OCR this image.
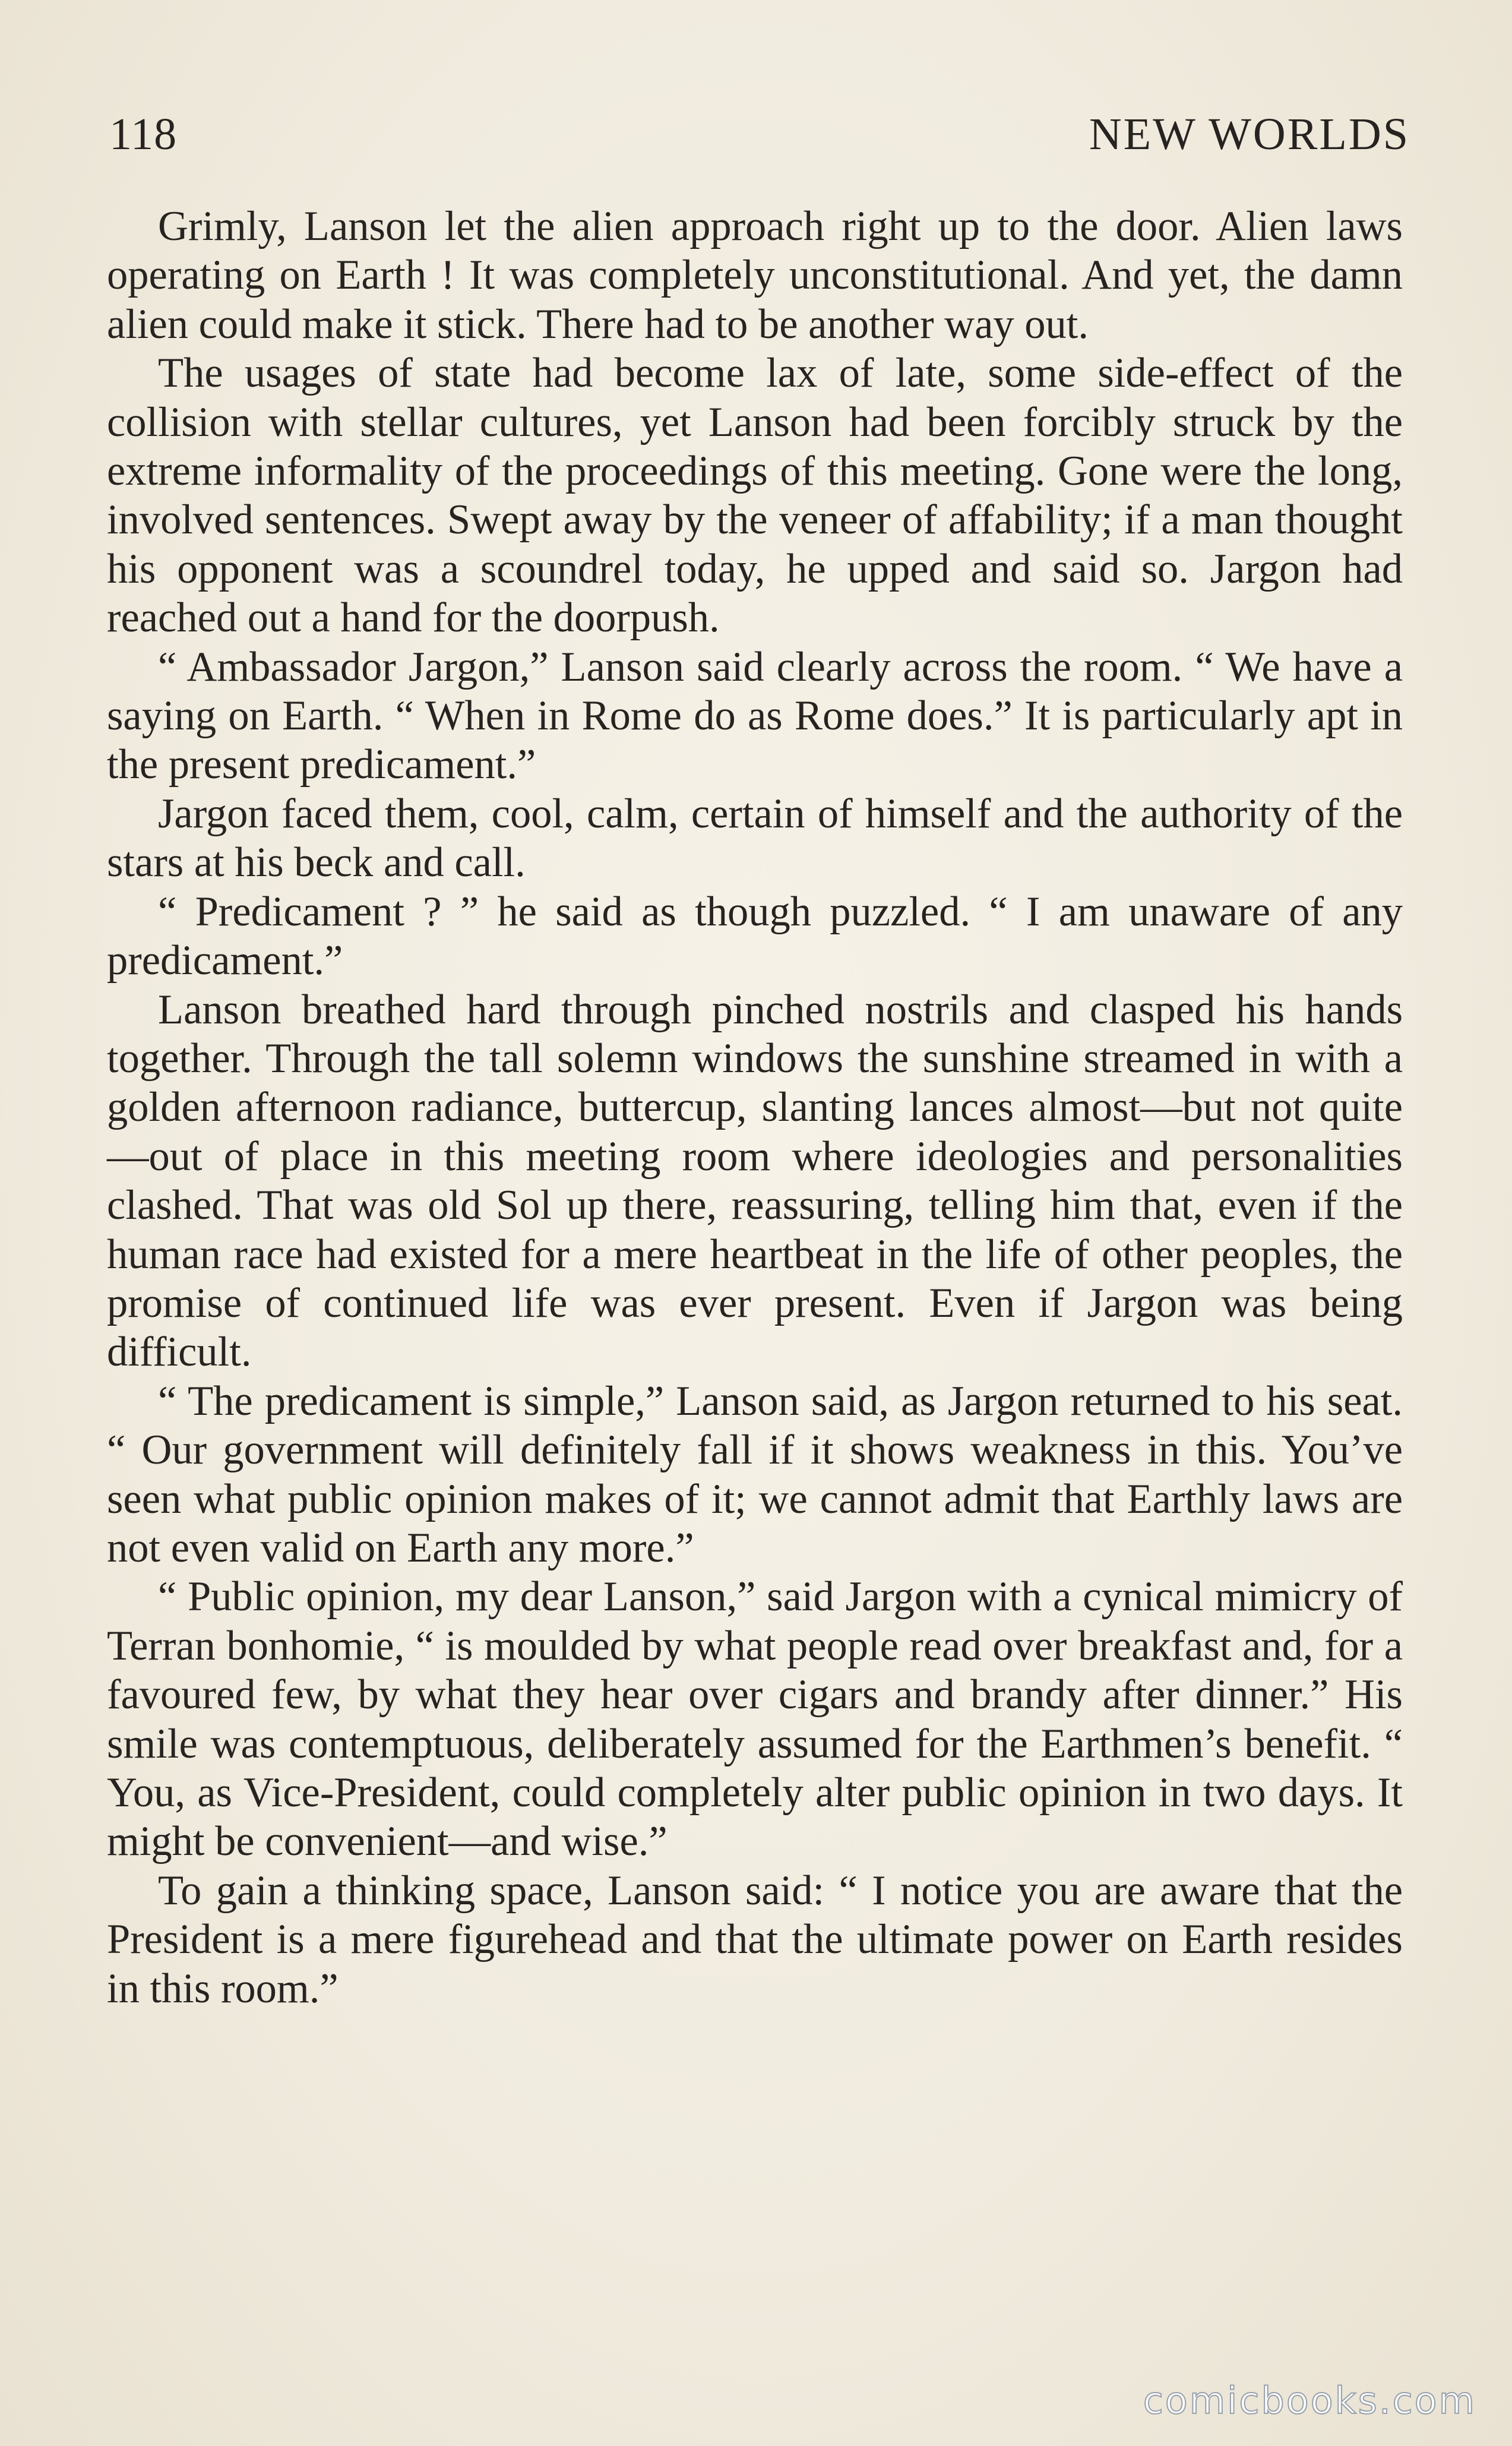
118	NEW WORLDS

Grimly, Lanson let the alien approach right up to the door. Alien laws operating on Earth ! It was completely unconstitutional. And yet, the damn alien could make it stick. There had to be another way out.

The usages of state had become lax of late, some side-effect of the collision with stellar cultures, yet Lanson had been forcibly struck by the extreme informality of the proceedings of this meeting. Gone were the long, involved sentences. Swept away by the veneer of affability; if a man thought his opponent was a scoundrel today, he upped and said so. Jargon had reached out a hand for the doorpush.

“ Ambassador Jargon,” Lanson said clearly across the room. “ We have a saying on Earth. “ When in Rome do as Rome does.” It is particularly apt in the present predicament.”

Jargon faced them, cool, calm, certain of himself and the authority of the stars at his beck and call.

“ Predicament ? ” he said as though puzzled. “ I am unaware of any predicament.”

Lanson breathed hard through pinched nostrils and clasped his hands together. Through the tall solemn windows the sunshine streamed in with a golden afternoon radiance, buttercup, slanting lances almost—but not quite—out of place in this meeting room where ideologies and personalities clashed. That was old Sol up there, reassuring, telling him that, even if the human race had existed for a mere heartbeat in the life of other peoples, the promise of continued life was ever present. Even if Jargon was being difficult.

“ The predicament is simple,” Lanson said, as Jargon returned to his seat. “ Our government will definitely fall if it shows weakness in this. You’ve seen what public opinion makes of it; we cannot admit that Earthly laws are not even valid on Earth any more.”

“ Public opinion, my dear Lanson,” said Jargon with a cynical mimicry of Terran bonhomie, “ is moulded by what people read over breakfast and, for a favoured few, by what they hear over cigars and brandy after dinner.” His smile was contemptuous, deliberately assumed for the Earthmen’s benefit. “ You, as Vice-President, could completely alter public opinion in two days. It might be convenient—and wise.”

To gain a thinking space, Lanson said: “ I notice you are aware that the President is a mere figurehead and that the ultimate power on Earth resides in this room.”

comicbooks.com
